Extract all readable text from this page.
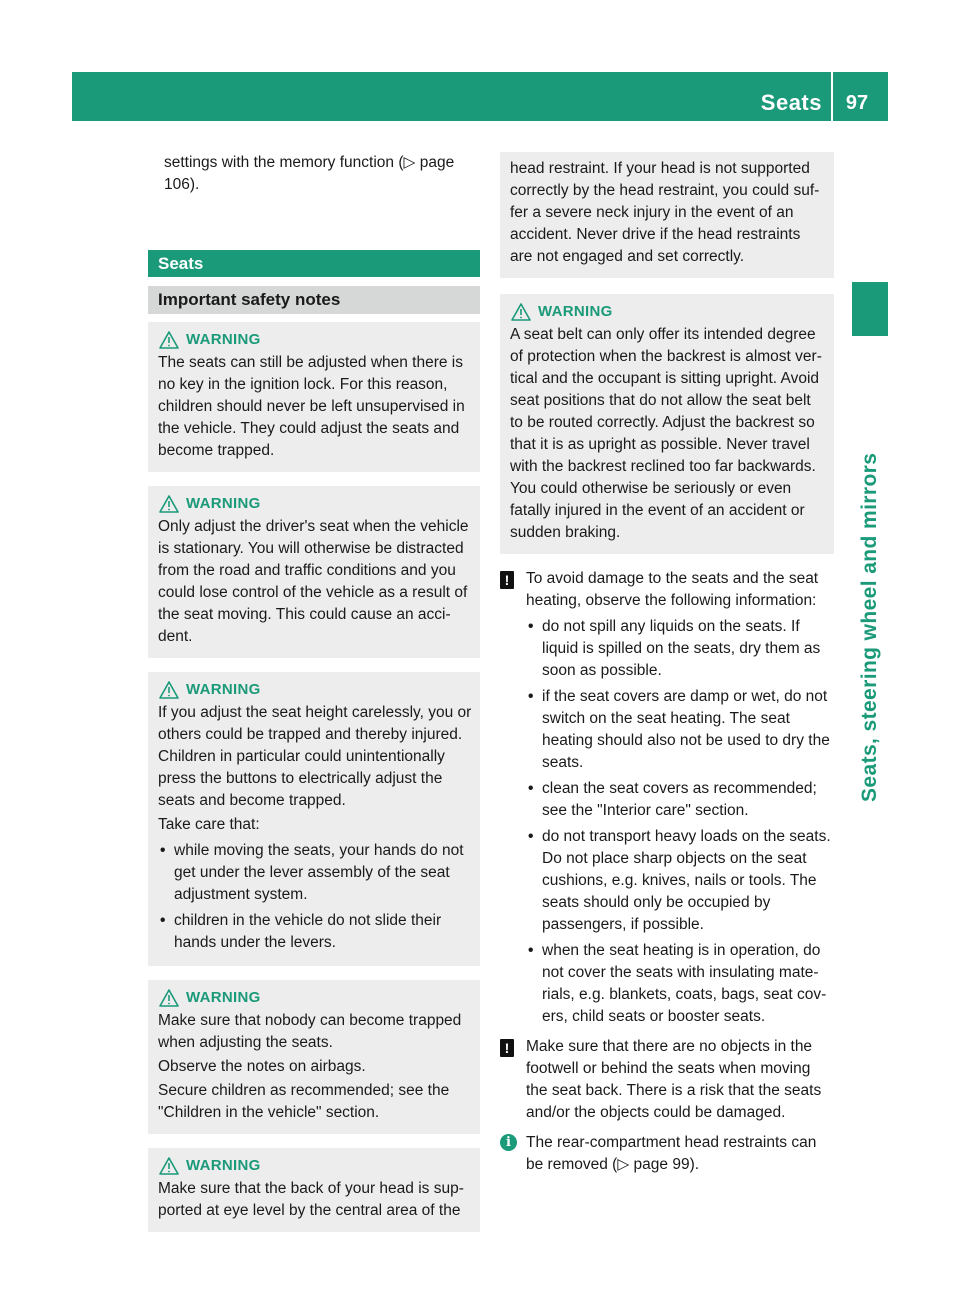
Seats	97
Seats, steering wheel and mirrors

settings with the memory function (▷ page 106).

Seats
Important safety notes
WARNING

The seats can still be adjusted when there is no key in the ignition lock. For this reason, children should never be left unsupervised in the vehicle. They could adjust the seats and become trapped.

WARNING

Only adjust the driver's seat when the vehicle is stationary. You will otherwise be distracted from the road and traffic conditions and you could lose control of the vehicle as a result of the seat moving. This could cause an acci-dent.

WARNING

If you adjust the seat height carelessly, you or others could be trapped and thereby injured. Children in particular could unintentionally press the buttons to electrically adjust the seats and become trapped.

Take care that:

• while moving the seats, your hands do not get under the lever assembly of the seat adjustment system.
• children in the vehicle do not slide their hands under the levers.
WARNING

Make sure that nobody can become trapped when adjusting the seats.

Observe the notes on airbags.

Secure children as recommended; see the "Children in the vehicle" section.

WARNING

Make sure that the back of your head is sup-ported at eye level by the central area of the

head restraint. If your head is not supported correctly by the head restraint, you could suf-fer a severe neck injury in the event of an accident. Never drive if the head restraints are not engaged and set correctly.

WARNING

A seat belt can only offer its intended degree of protection when the backrest is almost ver-tical and the occupant is sitting upright. Avoid seat positions that do not allow the seat belt to be routed correctly. Adjust the backrest so that it is as upright as possible. Never travel with the backrest reclined too far backwards. You could otherwise be seriously or even fatally injured in the event of an accident or sudden braking.

!	To avoid damage to the seats and the seat heating, observe the following information:

• do not spill any liquids on the seats. If liquid is spilled on the seats, dry them as soon as possible.
• if the seat covers are damp or wet, do not switch on the seat heating. The seat heating should also not be used to dry the seats.
• clean the seat covers as recommended; see the "Interior care" section.
• do not transport heavy loads on the seats. Do not place sharp objects on the seat cushions, e.g. knives, nails or tools. The seats should only be occupied by passengers, if possible.
• when the seat heating is in operation, do not cover the seats with insulating mate-rials, e.g. blankets, coats, bags, seat cov-ers, child seats or booster seats.
!	Make sure that there are no objects in the footwell or behind the seats when moving the seat back. There is a risk that the seats and/or the objects could be damaged.

i The rear-compartment head restraints can be removed (▷ page 99).
